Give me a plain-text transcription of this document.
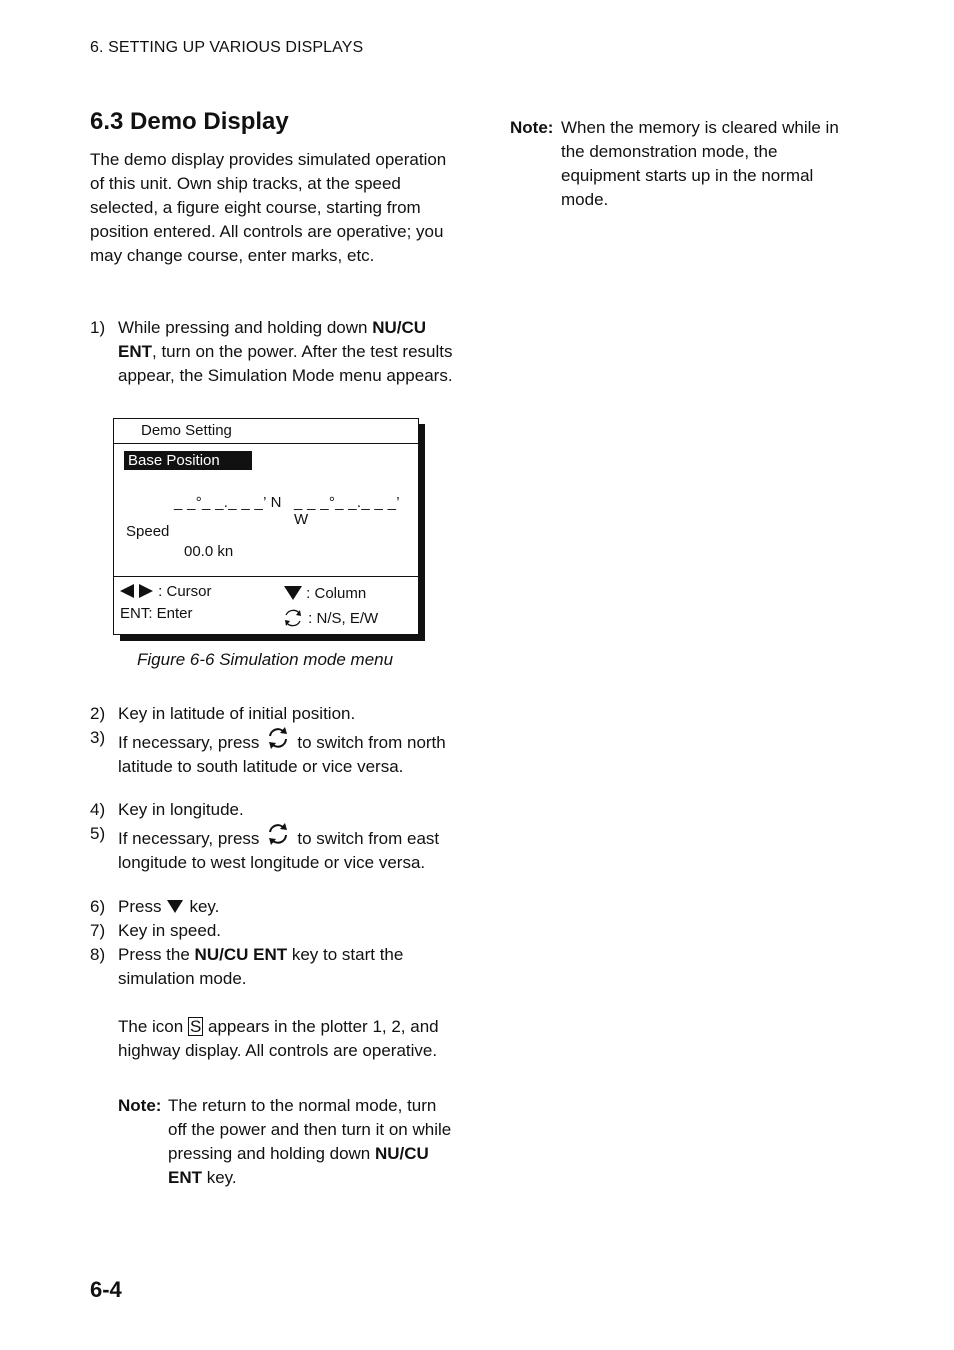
6. SETTING UP VARIOUS DISPLAYS
6.3 Demo Display
The demo display provides simulated operation of this unit. Own ship tracks, at the speed selected, a figure eight course, starting from position entered. All controls are operative; you may change course, enter marks, etc.
1) While pressing and holding down NU/CU ENT, turn on the power. After the test results appear, the Simulation Mode menu appears.
Demo Setting
Base Position
_ _°_ _._ _ _’ N _ _ _°_ _._ _ _’ W
Speed
00.0 kn
: Cursor
ENT: Enter
: Column
: N/S, E/W
Figure 6-6 Simulation mode menu
2) Key in latitude of initial position.
3) If necessary, press to switch from north latitude to south latitude or vice versa.
4) Key in longitude.
5) If necessary, press to switch from east longitude to west longitude or vice versa.
6) Press key.
7) Key in speed.
8) Press the NU/CU ENT key to start the simulation mode.
The icon S appears in the plotter 1, 2, and highway display. All controls are operative.
Note: The return to the normal mode, turn off the power and then turn it on while pressing and holding down NU/CU ENT key.
Note: When the memory is cleared while in the demonstration mode, the equipment starts up in the normal mode.
6-4
